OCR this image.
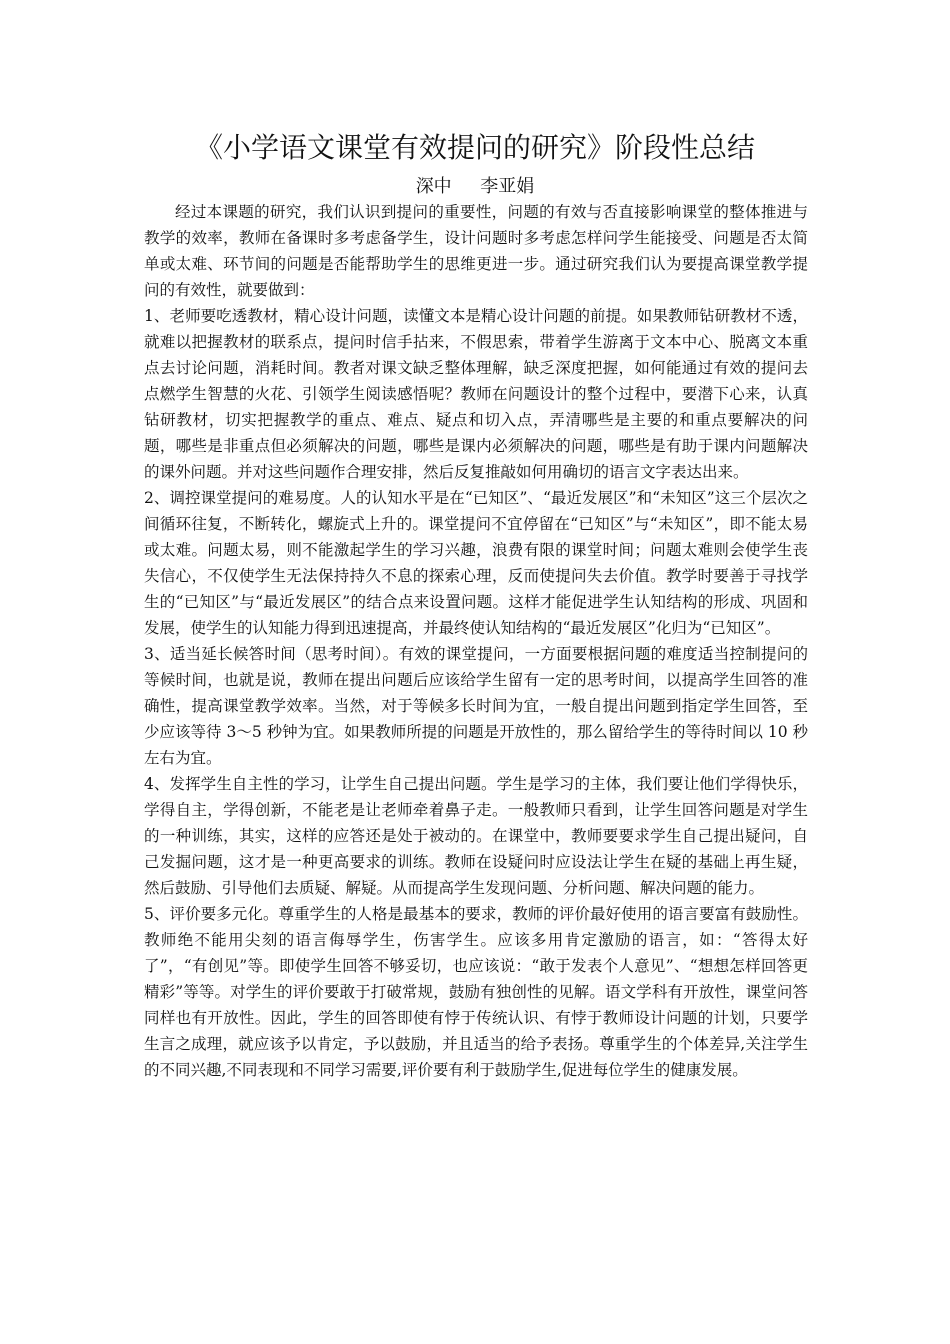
《小学语文课堂有效提问的研究》阶段性总结
深中     李亚娟

经过本课题的研究，我们认识到提问的重要性，问题的有效与否直接影响课堂的整体推进与教学的效率，教师在备课时多考虑备学生，设计问题时多考虑怎样问学生能接受、问题是否太简单或太难、环节间的问题是否能帮助学生的思维更进一步。通过研究我们认为要提高课堂教学提问的有效性，就要做到：

1、老师要吃透教材，精心设计问题，读懂文本是精心设计问题的前提。如果教师钻研教材不透，就难以把握教材的联系点，提问时信手拈来，不假思索，带着学生游离于文本中心、脱离文本重点去讨论问题，消耗时间。教者对课文缺乏整体理解，缺乏深度把握，如何能通过有效的提问去点燃学生智慧的火花、引领学生阅读感悟呢？教师在问题设计的整个过程中，要潜下心来，认真钻研教材，切实把握教学的重点、难点、疑点和切入点，弄清哪些是主要的和重点要解决的问题，哪些是非重点但必须解决的问题，哪些是课内必须解决的问题，哪些是有助于课内问题解决的课外问题。并对这些问题作合理安排，然后反复推敲如何用确切的语言文字表达出来。

2、调控课堂提问的难易度。人的认知水平是在“已知区”、“最近发展区”和“未知区”这三个层次之间循环往复，不断转化，螺旋式上升的。课堂提问不宜停留在“已知区”与“未知区”，即不能太易或太难。问题太易，则不能激起学生的学习兴趣，浪费有限的课堂时间；问题太难则会使学生丧失信心，不仅使学生无法保持持久不息的探索心理，反而使提问失去价值。教学时要善于寻找学生的“已知区”与“最近发展区”的结合点来设置问题。这样才能促进学生认知结构的形成、巩固和发展，使学生的认知能力得到迅速提高，并最终使认知结构的“最近发展区”化归为“已知区”。

3、适当延长候答时间（思考时间）。有效的课堂提问，一方面要根据问题的难度适当控制提问的等候时间，也就是说，教师在提出问题后应该给学生留有一定的思考时间，以提高学生回答的准确性，提高课堂教学效率。当然，对于等候多长时间为宜，一般自提出问题到指定学生回答，至少应该等待 3～5 秒钟为宜。如果教师所提的问题是开放性的，那么留给学生的等待时间以 10 秒左右为宜。

4、发挥学生自主性的学习，让学生自己提出问题。学生是学习的主体，我们要让他们学得快乐，学得自主，学得创新，不能老是让老师牵着鼻子走。一般教师只看到，让学生回答问题是对学生的一种训练，其实，这样的应答还是处于被动的。在课堂中，教师要要求学生自己提出疑问，自己发掘问题，这才是一种更高要求的训练。教师在设疑问时应设法让学生在疑的基础上再生疑，然后鼓励、引导他们去质疑、解疑。从而提高学生发现问题、分析问题、解决问题的能力。

5、评价要多元化。尊重学生的人格是最基本的要求，教师的评价最好使用的语言要富有鼓励性。教师绝不能用尖刻的语言侮辱学生，伤害学生。应该多用肯定激励的语言，如：“答得太好了”，“有创见”等。即使学生回答不够妥切，也应该说：“敢于发表个人意见”、“想想怎样回答更精彩”等等。对学生的评价要敢于打破常规，鼓励有独创性的见解。语文学科有开放性，课堂问答同样也有开放性。因此，学生的回答即使有悖于传统认识、有悖于教师设计问题的计划，只要学生言之成理，就应该予以肯定，予以鼓励，并且适当的给予表扬。尊重学生的个体差异,关注学生的不同兴趣,不同表现和不同学习需要,评价要有利于鼓励学生,促进每位学生的健康发展。
